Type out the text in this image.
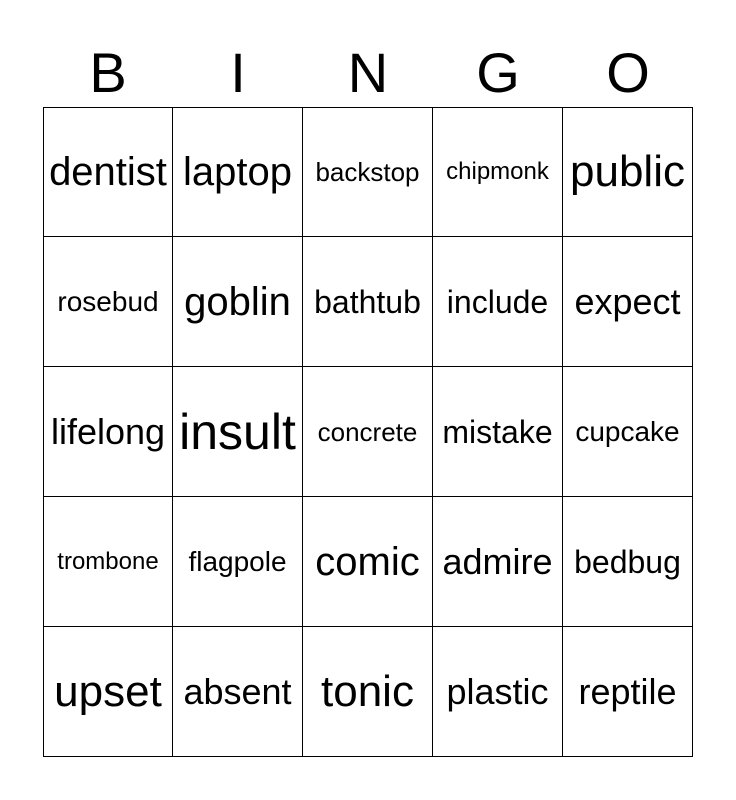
B	I	N	G	O
dentist laptop backstop	chipmonk public
rosebud goblin bathtub include expect
lifelong insult concrete mistake cupcake
trombone	flagpole comic admire bedbug
upset absent tonic plastic reptile
